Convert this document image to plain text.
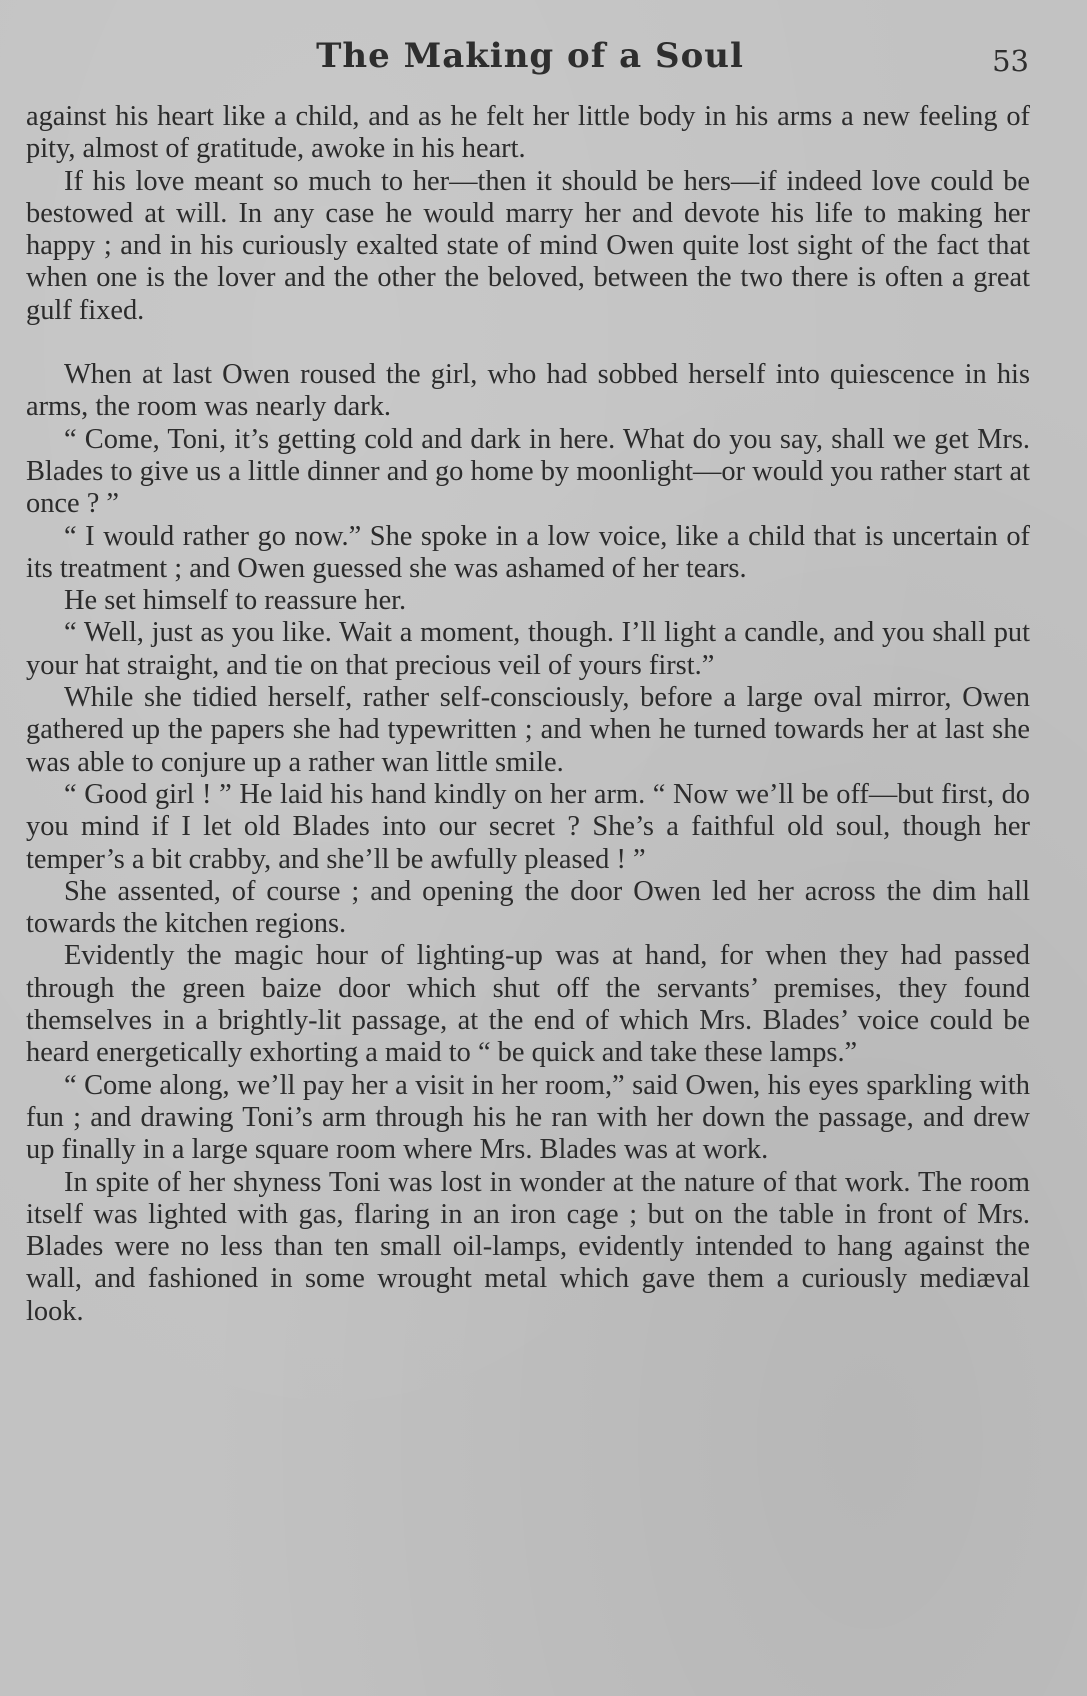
The Making of a Soul	53

against his heart like a child, and as he felt her little body in his arms a new feeling of pity, almost of gratitude, awoke in his heart.

If his love meant so much to her—then it should be hers—if indeed love could be bestowed at will. In any case he would marry her and devote his life to making her happy ; and in his curiously exalted state of mind Owen quite lost sight of the fact that when one is the lover and the other the beloved, between the two there is often a great gulf fixed.

When at last Owen roused the girl, who had sobbed herself into quiescence in his arms, the room was nearly dark.

“ Come, Toni, it’s getting cold and dark in here. What do you say, shall we get Mrs. Blades to give us a little dinner and go home by moonlight—or would you rather start at once ? ”

“ I would rather go now.” She spoke in a low voice, like a child that is uncertain of its treatment ; and Owen guessed she was ashamed of her tears.

He set himself to reassure her.

“ Well, just as you like. Wait a moment, though. I’ll light a candle, and you shall put your hat straight, and tie on that precious veil of yours first.”

While she tidied herself, rather self-consciously, before a large oval mirror, Owen gathered up the papers she had typewritten ; and when he turned towards her at last she was able to conjure up a rather wan little smile.

“ Good girl ! ” He laid his hand kindly on her arm. “ Now we’ll be off—but first, do you mind if I let old Blades into our secret ? She’s a faithful old soul, though her temper’s a bit crabby, and she’ll be awfully pleased ! ”

She assented, of course ; and opening the door Owen led her across the dim hall towards the kitchen regions.

Evidently the magic hour of lighting-up was at hand, for when they had passed through the green baize door which shut off the servants’ premises, they found themselves in a brightly-lit passage, at the end of which Mrs. Blades’ voice could be heard energetically exhorting a maid to “ be quick and take these lamps.”

“ Come along, we’ll pay her a visit in her room,” said Owen, his eyes sparkling with fun ; and drawing Toni’s arm through his he ran with her down the passage, and drew up finally in a large square room where Mrs. Blades was at work.

In spite of her shyness Toni was lost in wonder at the nature of that work. The room itself was lighted with gas, flaring in an iron cage ; but on the table in front of Mrs. Blades were no less than ten small oil-lamps, evidently intended to hang against the wall, and fashioned in some wrought metal which gave them a curiously mediæval look.
